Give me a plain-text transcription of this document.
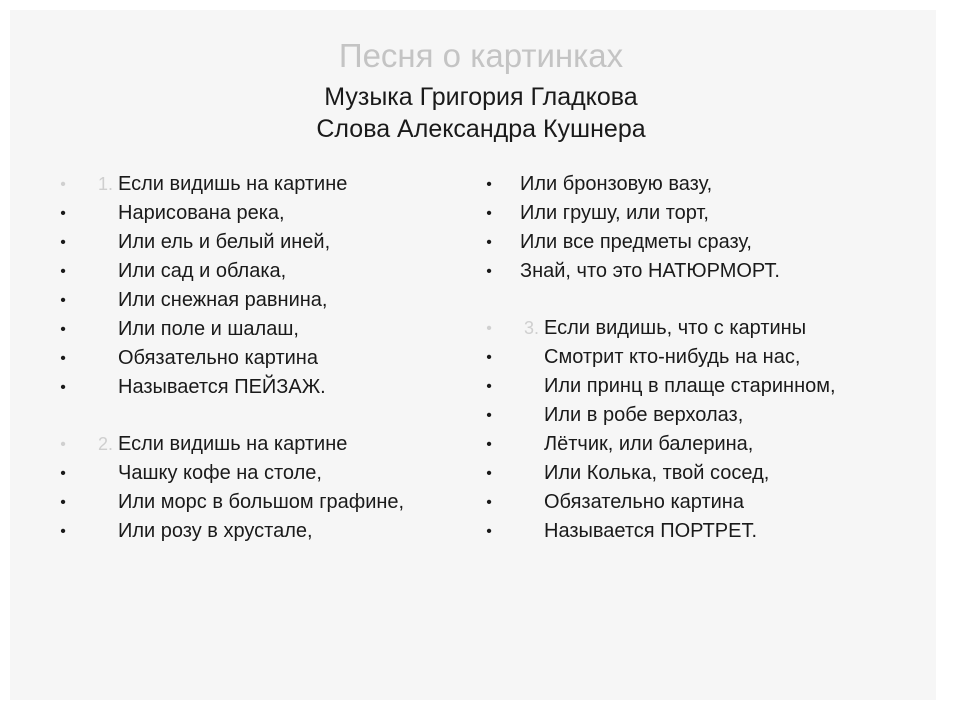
Песня о картинках
Музыка Григория Гладкова
Слова Александра Кушнера
• 1. Если видишь на картине
•	Нарисована река,
•	Или ель и белый иней,
•	Или сад и облака,
•	Или снежная равнина,
•	Или поле и шалаш,
•	Обязательно картина
•	Называется ПЕЙЗАЖ.
• 2. Если видишь на картине
•	Чашку кофе на столе,
•	Или морс в большом графине,
•	Или розу в хрустале,
• Или бронзовую вазу,
• Или грушу, или торт,
• Или все предметы сразу,
• Знай, что это НАТЮРМОРТ.
• 3. Если видишь, что с картины
•	Смотрит кто-нибудь на нас,
•	Или принц в плаще старинном,
•	Или в робе верхолаз,
•	Лётчик, или балерина,
•	Или Колька, твой сосед,
•	Обязательно картина
•	Называется ПОРТРЕТ.
